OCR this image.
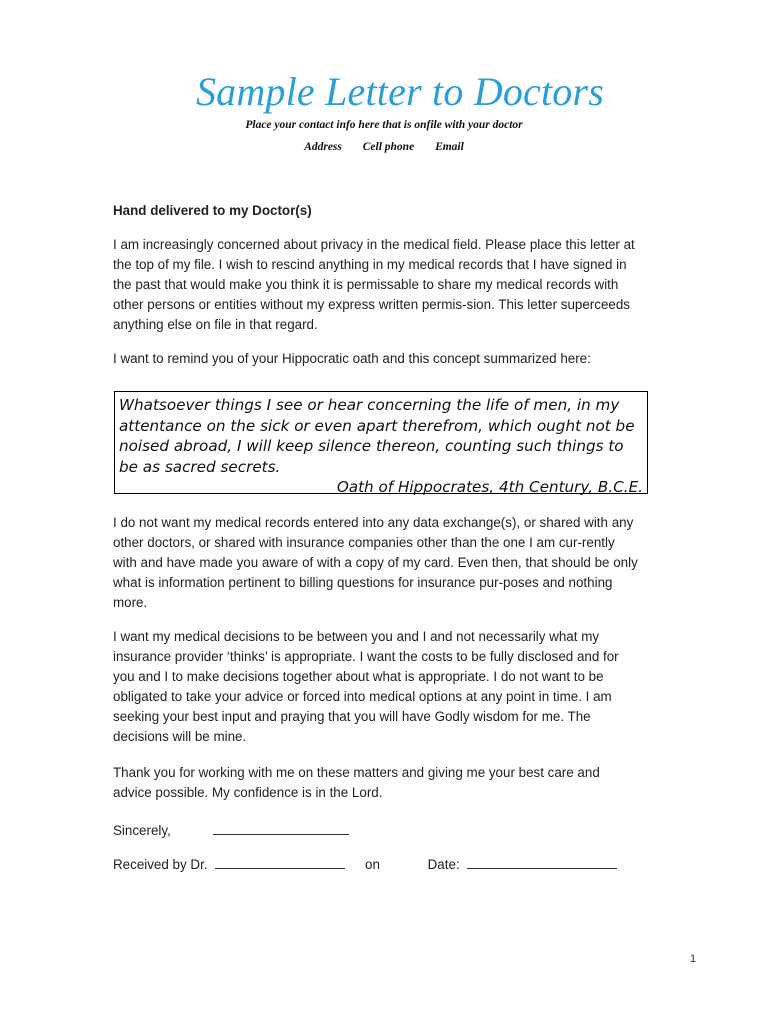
Sample Letter to Doctors
Place your contact info here that is onfile with your doctor
Address Cell phone Email
Hand delivered to my Doctor(s)
I am increasingly concerned about privacy in the medical field. Please place this letter at the top of my file. I wish to rescind anything in my medical records that I have signed in the past that would make you think it is permissable to share my medical records with other persons or entities without my express written permis-sion. This letter superceeds anything else on file in that regard.
I want to remind you of your Hippocratic oath and this concept summarized here:
Whatsoever things I see or hear concerning the life of men, in my attentance on the sick or even apart therefrom, which ought not be noised abroad, I will keep silence thereon, counting such things to be as sacred secrets.
Oath of Hippocrates, 4th Century, B.C.E.
I do not want my medical records entered into any data exchange(s), or shared with any other doctors, or shared with insurance companies other than the one I am cur-rently with and have made you aware of with a copy of my card. Even then, that should be only what is information pertinent to billing questions for insurance pur-poses and nothing more.
I want my medical decisions to be between you and I and not necessarily what my insurance provider ‘thinks’ is appropriate. I want the costs to be fully disclosed and for you and I to make decisions together about what is appropriate. I do not want to be obligated to take your advice or forced into medical options at any point in time. I am seeking your best input and praying that you will have Godly wisdom for me. The decisions will be mine.
Thank you for working with me on these matters and giving me your best care and advice possible. My confidence is in the Lord.
Sincerely,
Received by Dr.	on	Date:
1
